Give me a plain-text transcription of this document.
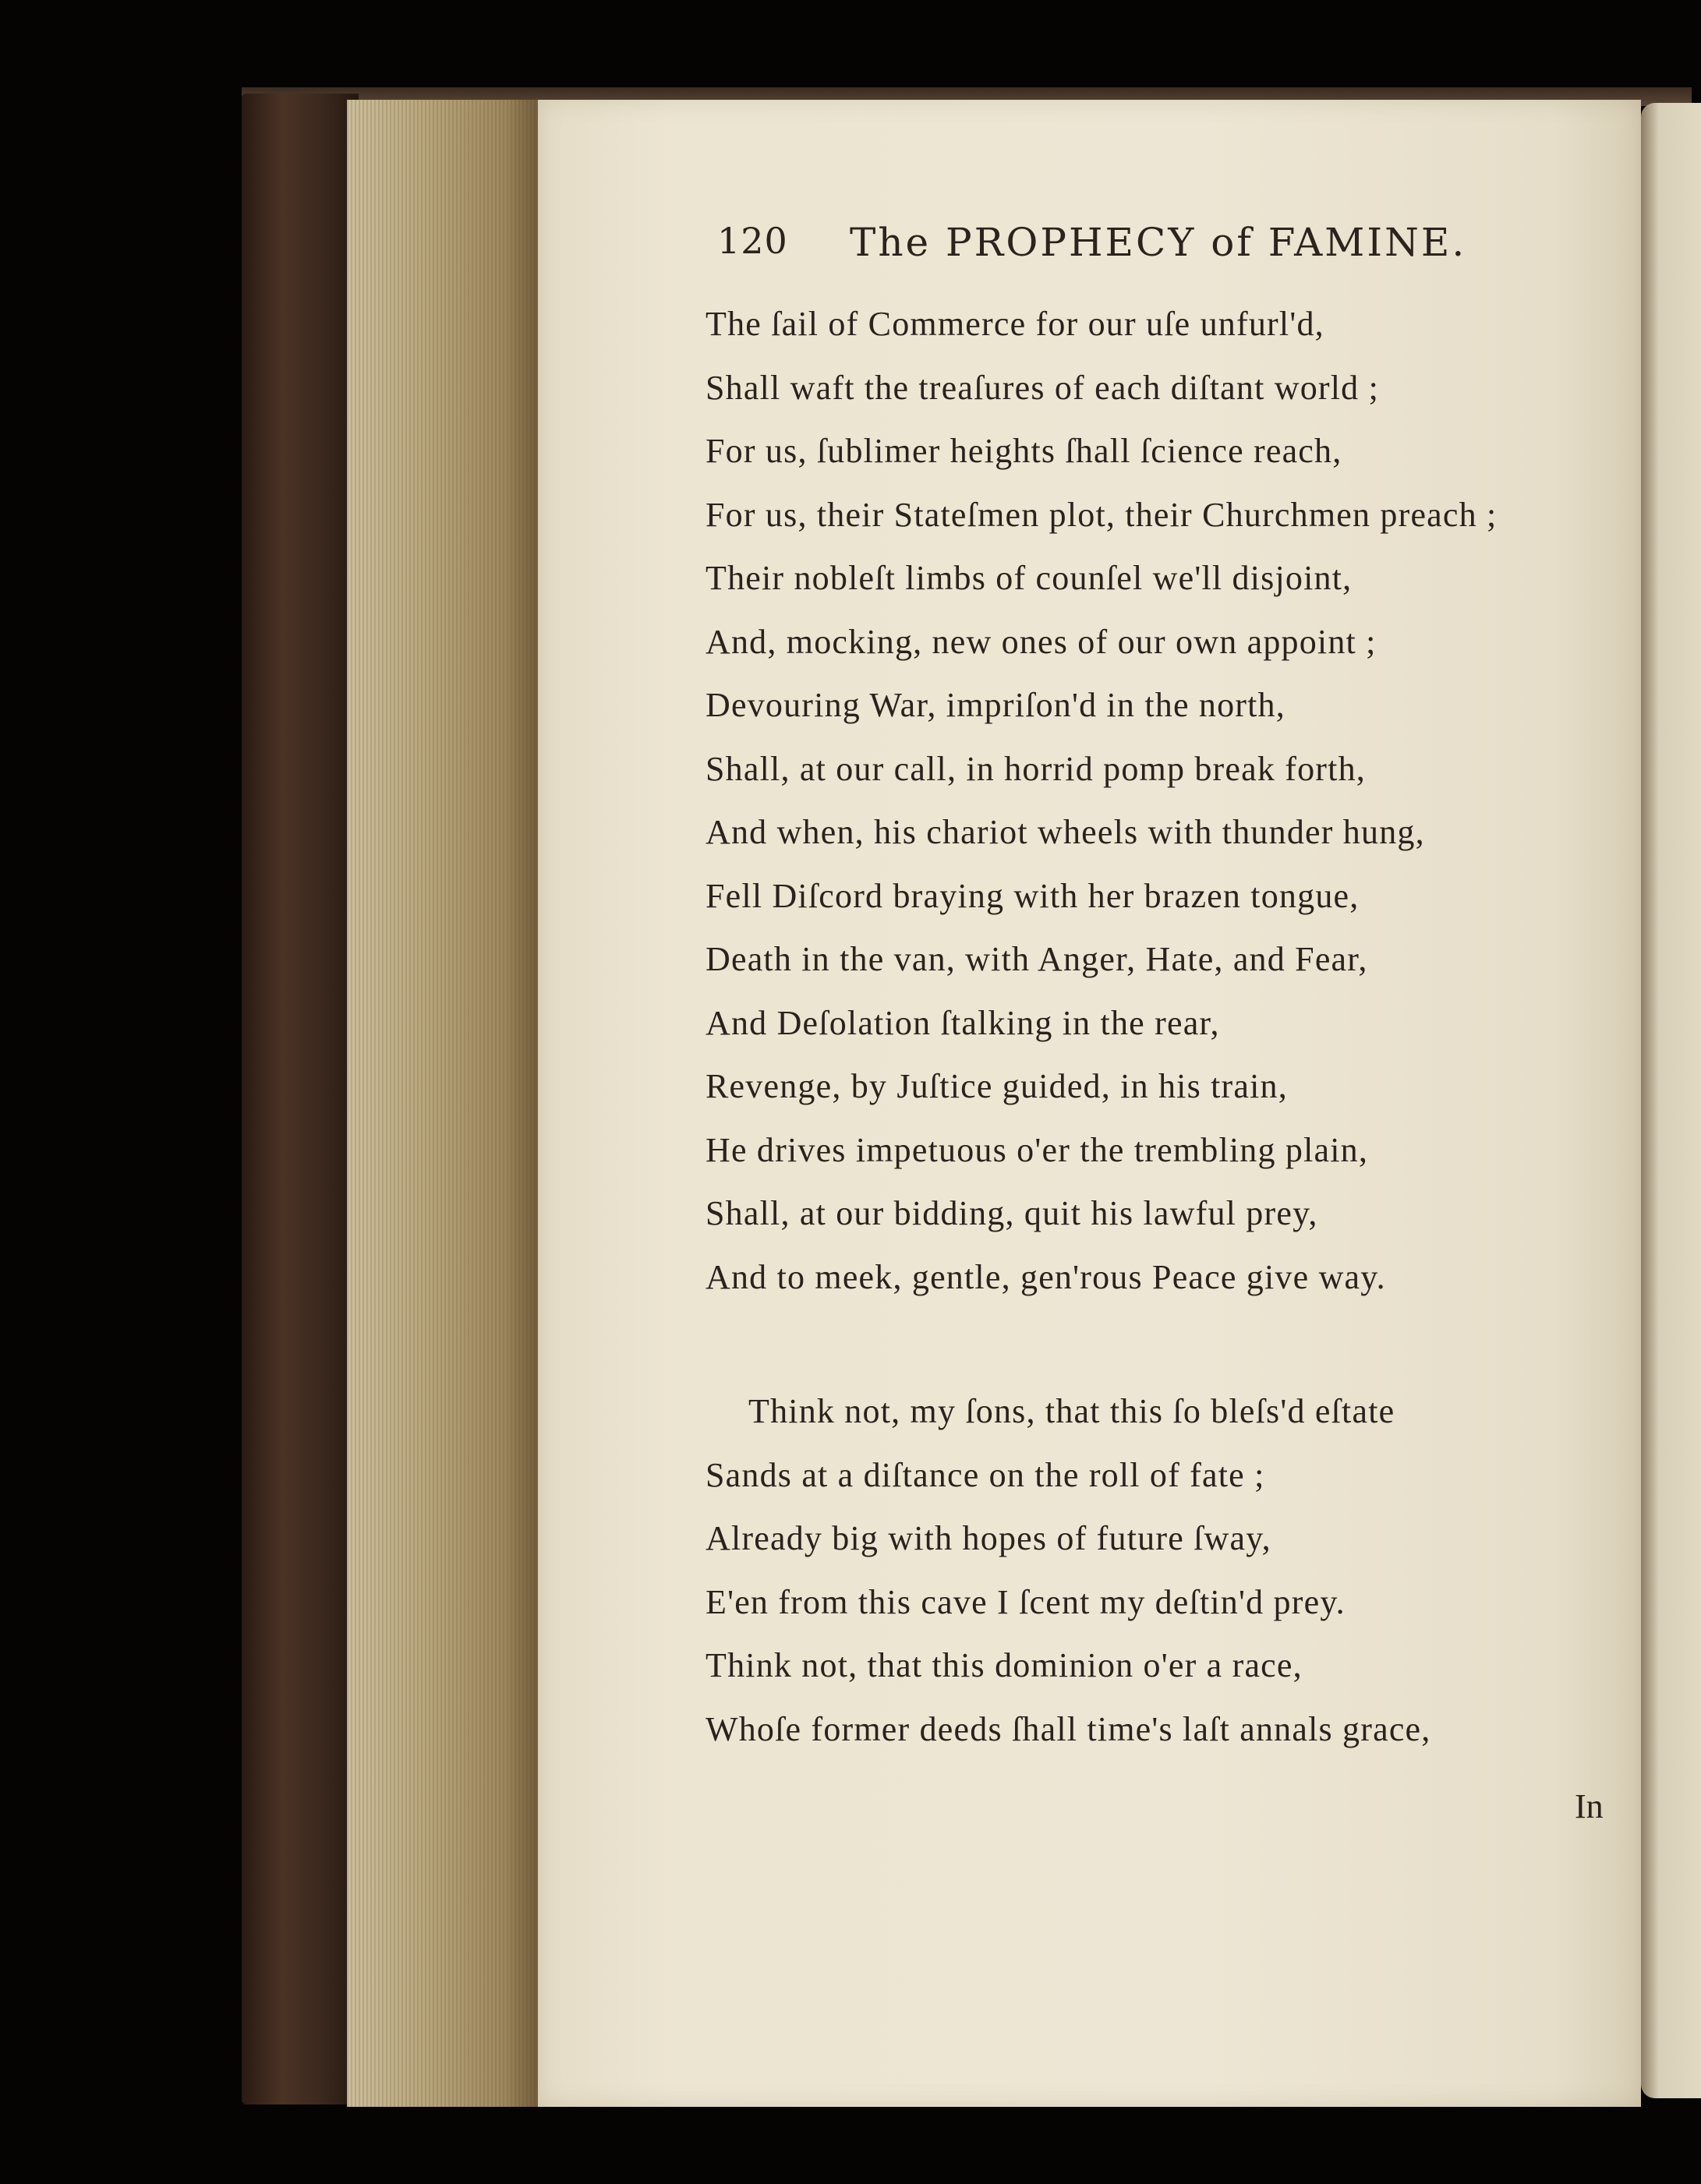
120 The PROPHECY of FAMINE.
The ſail of Commerce for our uſe unfurl'd,
Shall waft the treaſures of each diſtant world ;
For us, ſublimer heights ſhall ſcience reach,
For us, their Stateſmen plot, their Churchmen preach ;
Their nobleſt limbs of counſel we'll disjoint,
And, mocking, new ones of our own appoint ;
Devouring War, impriſon'd in the north,
Shall, at our call, in horrid pomp break forth,
And when, his chariot wheels with thunder hung,
Fell Diſcord braying with her brazen tongue,
Death in the van, with Anger, Hate, and Fear,
And Deſolation ſtalking in the rear,
Revenge, by Juſtice guided, in his train,
He drives impetuous o'er the trembling plain,
Shall, at our bidding, quit his lawful prey,
And to meek, gentle, gen'rous Peace give way.
Think not, my ſons, that this ſo bleſs'd eſtate
Sands at a diſtance on the roll of fate ;
Already big with hopes of future ſway,
E'en from this cave I ſcent my deſtin'd prey.
Think not, that this dominion o'er a race,
Whoſe former deeds ſhall time's laſt annals grace,
In
